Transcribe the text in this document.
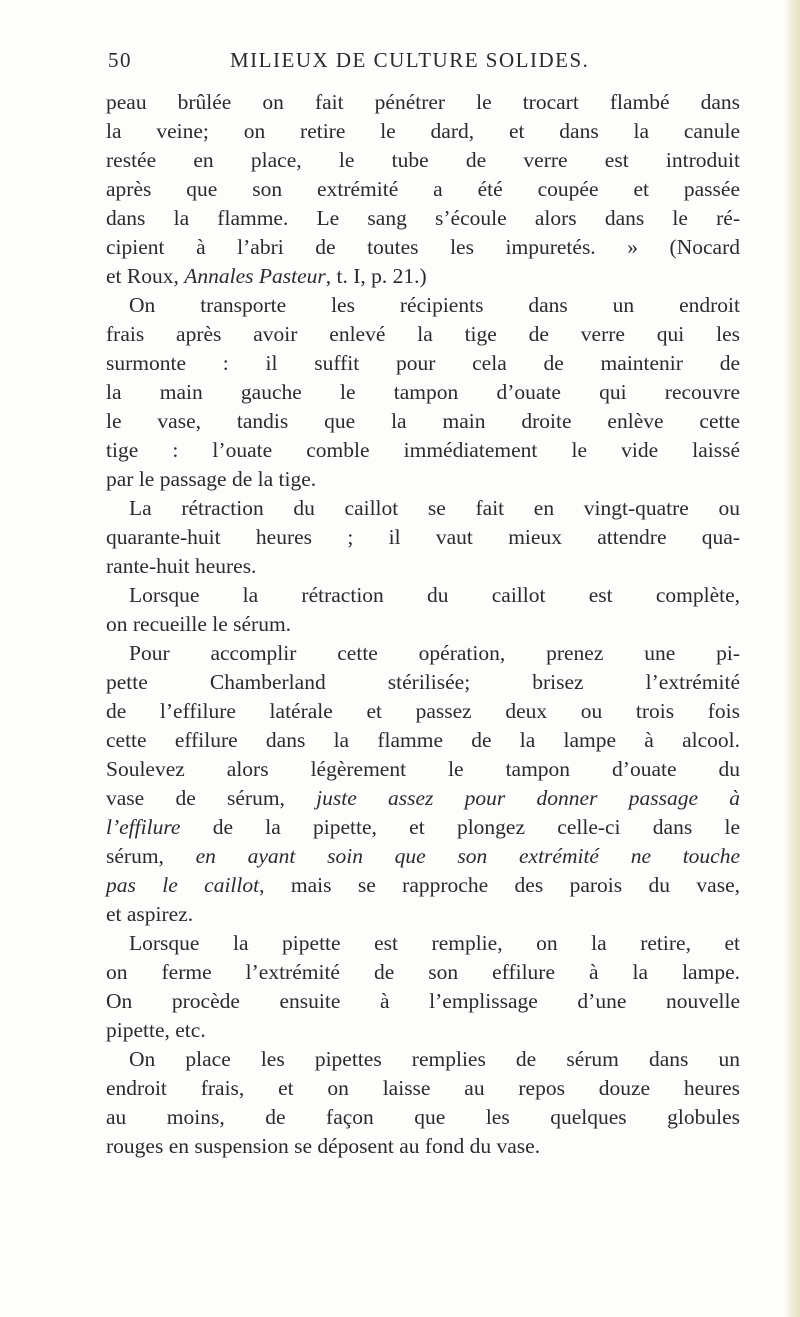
50	MILIEUX DE CULTURE SOLIDES.
peau brûlée on fait pénétrer le trocart flambé dans
la veine; on retire le dard, et dans la canule
restée en place, le tube de verre est introduit
après que son extrémité a été coupée et passée
dans la flamme. Le sang s’écoule alors dans le ré-
cipient à l’abri de toutes les impuretés. » (Nocard
et Roux, Annales Pasteur, t. I, p. 21.)
On transporte les récipients dans un endroit
frais après avoir enlevé la tige de verre qui les
surmonte : il suffit pour cela de maintenir de
la main gauche le tampon d’ouate qui recouvre
le vase, tandis que la main droite enlève cette
tige : l’ouate comble immédiatement le vide laissé
par le passage de la tige.
La rétraction du caillot se fait en vingt-quatre ou
quarante-huit heures ; il vaut mieux attendre qua-
rante-huit heures.
Lorsque la rétraction du caillot est complète,
on recueille le sérum.
Pour accomplir cette opération, prenez une pi-
pette Chamberland stérilisée; brisez l’extrémité
de l’effilure latérale et passez deux ou trois fois
cette effilure dans la flamme de la lampe à alcool.
Soulevez alors légèrement le tampon d’ouate du
vase de sérum, juste assez pour donner passage à
l’effilure de la pipette, et plongez celle-ci dans le
sérum, en ayant soin que son extrémité ne touche
pas le caillot, mais se rapproche des parois du vase,
et aspirez.
Lorsque la pipette est remplie, on la retire, et
on ferme l’extrémité de son effilure à la lampe.
On procède ensuite à l’emplissage d’une nouvelle
pipette, etc.
On place les pipettes remplies de sérum dans un
endroit frais, et on laisse au repos douze heures
au moins, de façon que les quelques globules
rouges en suspension se déposent au fond du vase.
